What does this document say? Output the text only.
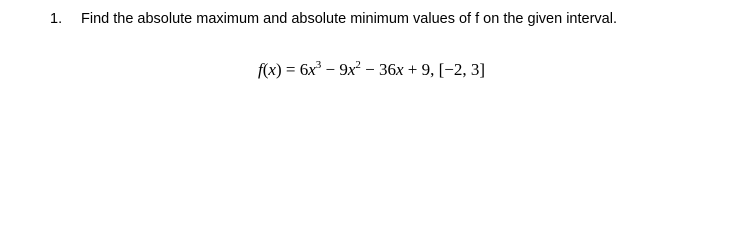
1. Find the absolute maximum and absolute minimum values of f on the given interval.
$f(x) = 6x^3 - 9x^2 - 36x + 9$, [−2, 3]
